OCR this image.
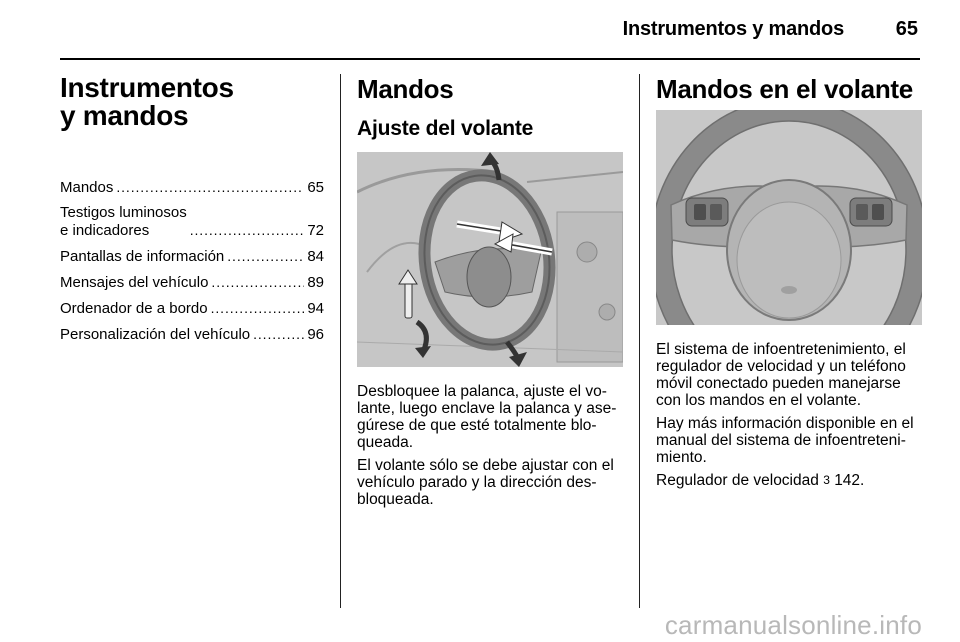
Instrumentos y mandos	65
Instrumentos
y mandos
Mandos . . .	65
Testigos luminosos
e indicadores . . .	72
Pantallas de información . . .	84
Mensajes del vehículo . . .	89
Ordenador de a bordo . . .	94
Personalización del vehículo . . .	96
Mandos
Ajuste del volante

Desbloquee la palanca, ajuste el vo-lante, luego enclave la palanca y ase-gúrese de que esté totalmente blo-queada.

El volante sólo se debe ajustar con el vehículo parado y la dirección des-bloqueada.

Mandos en el volante

El sistema de infoentretenimiento, el regulador de velocidad y un teléfono móvil conectado pueden manejarse con los mandos en el volante.

Hay más información disponible en el manual del sistema de infoentreteni-miento.

Regulador de velocidad 3 142.

carmanualsonline.info
